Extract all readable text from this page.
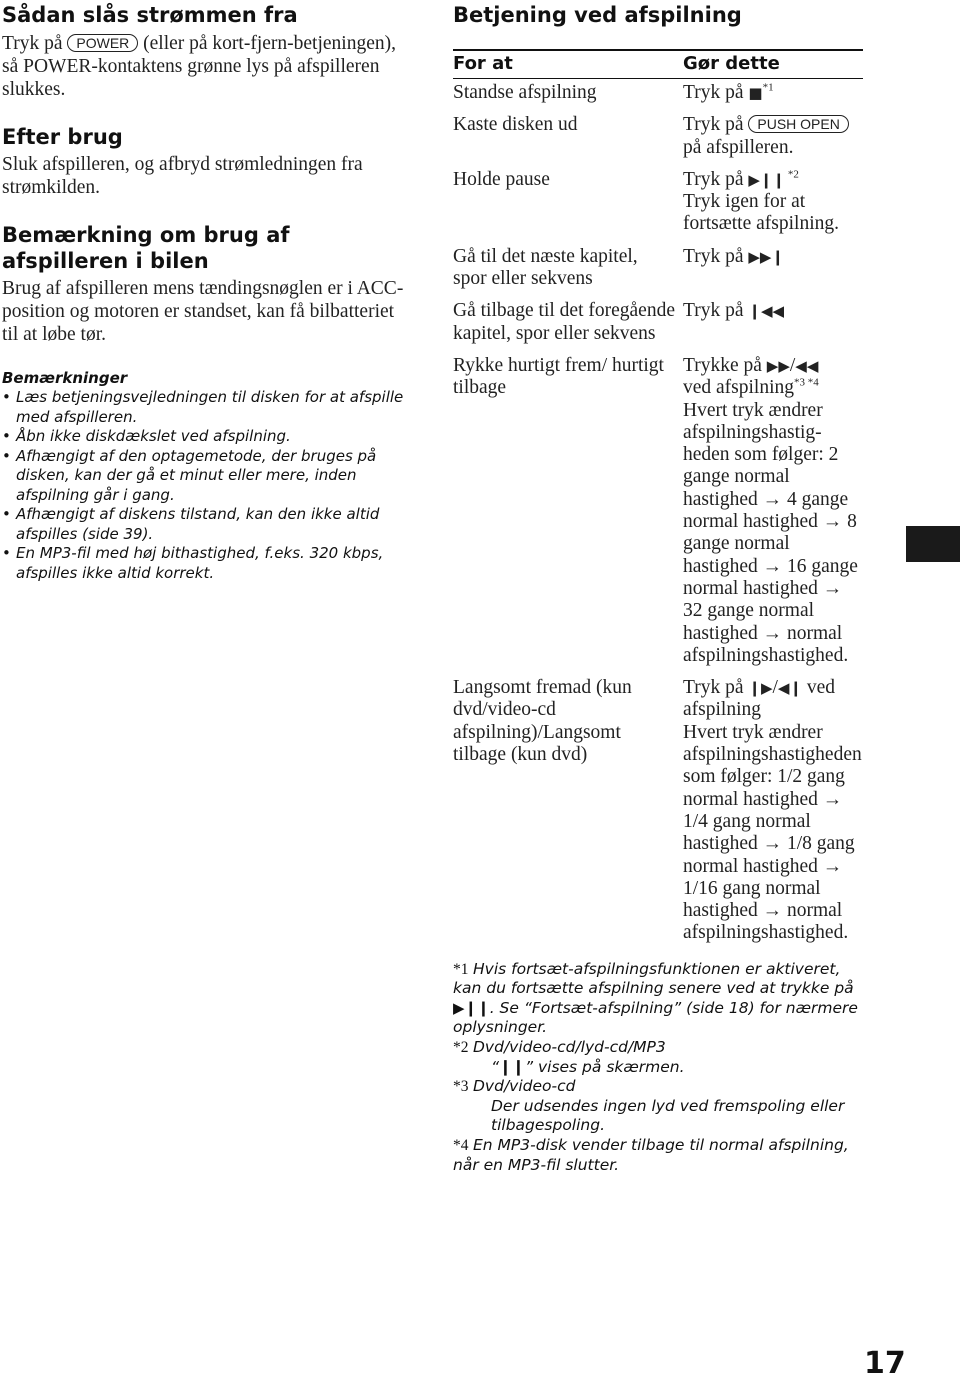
Sådan slås strømmen fra
Tryk på POWER (eller på kort-fjern-betjeningen), så POWER-kontaktens grønne lys på afspilleren slukkes.
Efter brug
Sluk afspilleren, og afbryd strømledningen fra strømkilden.
Bemærkning om brug af afspilleren i bilen
Brug af afspilleren mens tændingsnøglen er i ACC-position og motoren er standset, kan få bilbatteriet til at løbe tør.
Bemærkninger
• Læs betjeningsvejledningen til disken for at afspille med afspilleren.
• Åbn ikke diskdækslet ved afspilning.
• Afhængigt af den optagemetode, der bruges på disken, kan der gå et minut eller mere, inden afspilning går i gang.
• Afhængigt af diskens tilstand, kan den ikke altid afspilles (side 39).
• En MP3-fil med høj bithastighed, f.eks. 320 kbps, afspilles ikke altid korrekt.
Betjening ved afspilning
For at	Gør dette
Standse afspilning	Tryk på ■$^{*1}$
Kaste disken ud	Tryk på PUSH OPEN
på afspilleren.
Holde pause	Tryk på ▶❙❙ $^{*2}$
Tryk igen for at fortsætte afspilning.
Gå til det næste kapitel, spor eller sekvens	Tryk på ▶▶❙
Gå tilbage til det foregående kapitel, spor eller sekvens	Tryk på ❙◀◀
Rykke hurtigt frem/ hurtigt tilbage	Trykke på ▶▶/◀◀
ved afspilning$^{*3 *4}$
Hvert tryk ændrer afspilningshastig-heden som følger: 2 gange normal hastighed → 4 gange normal hastighed → 8 gange normal hastighed → 16 gange normal hastighed → 32 gange normal hastighed → normal afspilningshastighed.
Langsomt fremad (kun dvd/video-cd afspilning)/Langsomt tilbage (kun dvd)	Tryk på ❙▶/◀❙ ved afspilning
Hvert tryk ændrer afspilningshastigheden som følger: 1/2 gang normal hastighed → 1/4 gang normal hastighed → 1/8 gang normal hastighed → 1/16 gang normal hastighed → normal afspilningshastighed.
*1 Hvis fortsæt-afspilningsfunktionen er aktiveret, kan du fortsætte afspilning senere ved at trykke på ▶❙❙. Se “Fortsæt-afspilning” (side 18) for nærmere oplysninger.
*2 Dvd/video-cd/lyd-cd/MP3
“❙❙” vises på skærmen.
*3 Dvd/video-cd
Der udsendes ingen lyd ved fremspoling eller tilbagespoling.
*4 En MP3-disk vender tilbage til normal afspilning, når en MP3-fil slutter.
17
